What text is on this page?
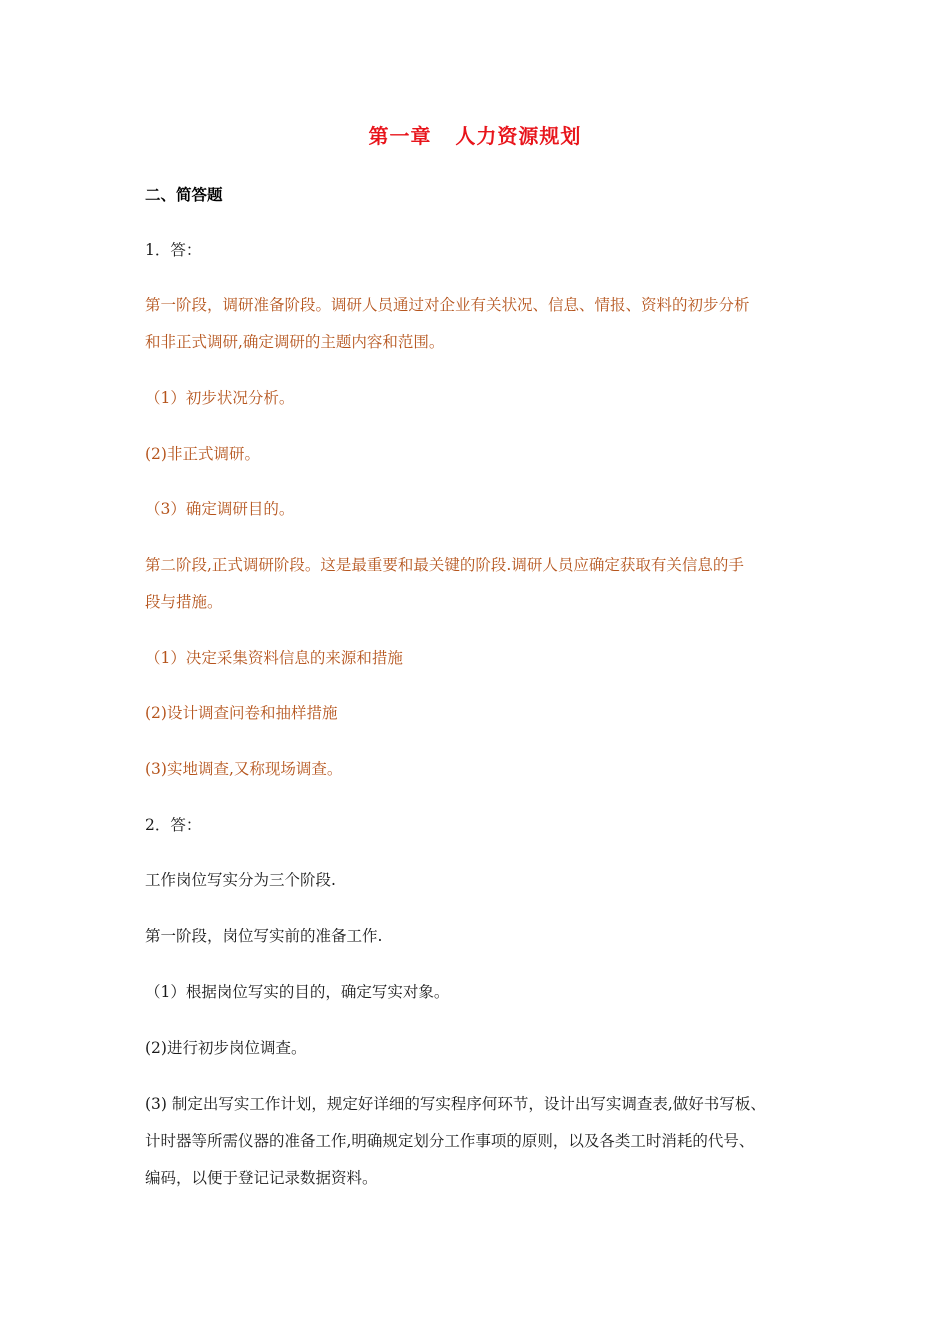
第一章   人力资源规划
二、简答题
1．答：
第一阶段，调研准备阶段。调研人员通过对企业有关状况、信息、情报、资料的初步分析
和非正式调研,确定调研的主题内容和范围。
（1）初步状况分析。
(2)非正式调研。
（3）确定调研目的。
第二阶段,正式调研阶段。这是最重要和最关键的阶段.调研人员应确定获取有关信息的手
段与措施。
（1）决定采集资料信息的来源和措施
(2)设计调查问卷和抽样措施
(3)实地调查,又称现场调查。
2．答：
工作岗位写实分为三个阶段.
第一阶段，岗位写实前的准备工作.
（1）根据岗位写实的目的，确定写实对象。
(2)进行初步岗位调查。
(3) 制定出写实工作计划，规定好详细的写实程序何环节，设计出写实调查表,做好书写板、
计时器等所需仪器的准备工作,明确规定划分工作事项的原则，以及各类工时消耗的代号、
编码，以便于登记记录数据资料。
